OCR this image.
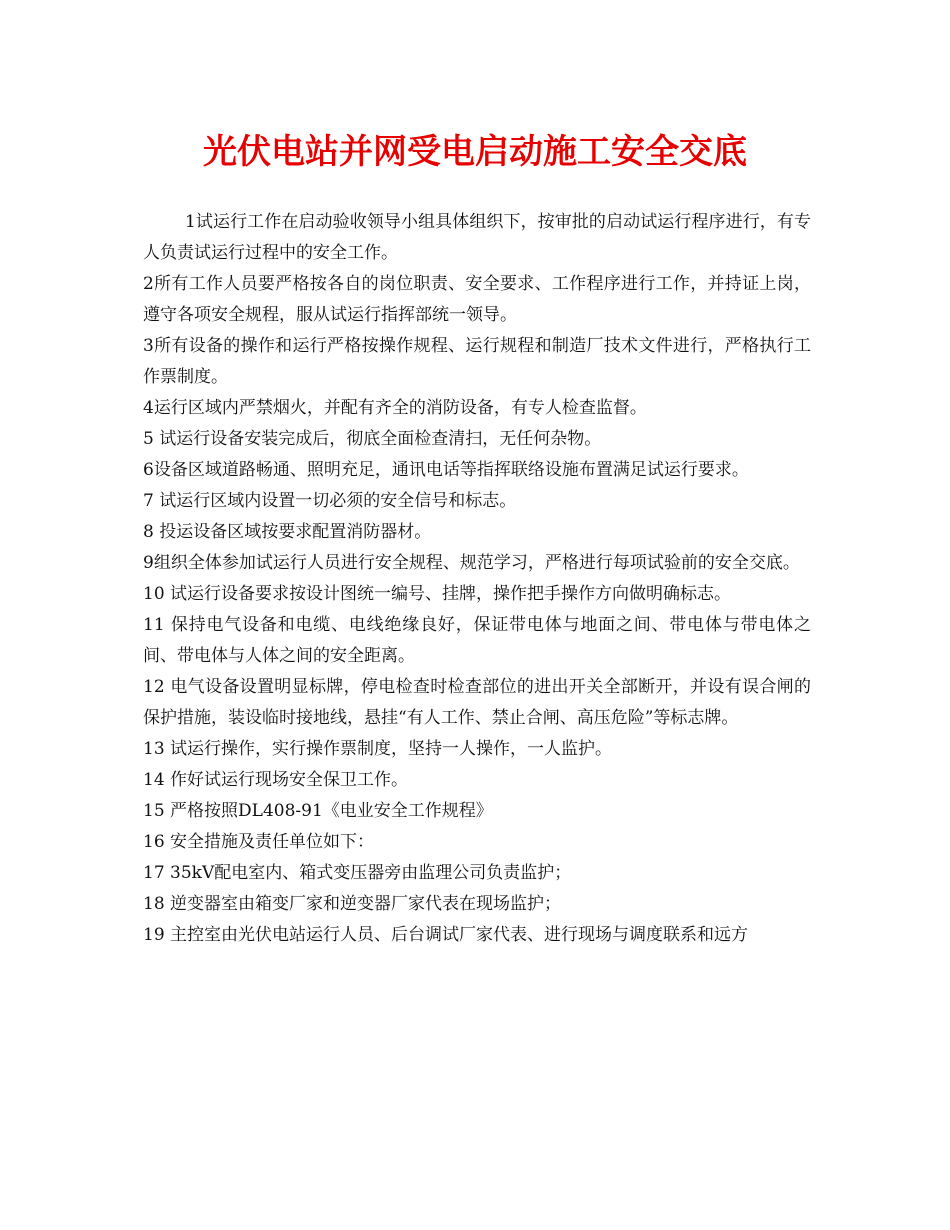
光伏电站并网受电启动施工安全交底

1试运行工作在启动验收领导小组具体组织下，按审批的启动试运行程序进行，有专人负责试运行过程中的安全工作。

2所有工作人员要严格按各自的岗位职责、安全要求、工作程序进行工作，并持证上岗，遵守各项安全规程，服从试运行指挥部统一领导。

3所有设备的操作和运行严格按操作规程、运行规程和制造厂技术文件进行，严格执行工作票制度。

4运行区域内严禁烟火，并配有齐全的消防设备，有专人检查监督。

5 试运行设备安装完成后，彻底全面检查清扫，无任何杂物。

6设备区域道路畅通、照明充足，通讯电话等指挥联络设施布置满足试运行要求。

7 试运行区域内设置一切必须的安全信号和标志。

8 投运设备区域按要求配置消防器材。

9组织全体参加试运行人员进行安全规程、规范学习，严格进行每项试验前的安全交底。

10 试运行设备要求按设计图统一编号、挂牌，操作把手操作方向做明确标志。

11 保持电气设备和电缆、电线绝缘良好，保证带电体与地面之间、带电体与带电体之间、带电体与人体之间的安全距离。

12 电气设备设置明显标牌，停电检查时检查部位的进出开关全部断开，并设有误合闸的保护措施，装设临时接地线，悬挂“有人工作、禁止合闸、高压危险”等标志牌。

13 试运行操作，实行操作票制度，坚持一人操作，一人监护。

14 作好试运行现场安全保卫工作。

15 严格按照DL408-91《电业安全工作规程》

16 安全措施及责任单位如下：

17 35kV配电室内、箱式变压器旁由监理公司负责监护；

18 逆变器室由箱变厂家和逆变器厂家代表在现场监护；

19 主控室由光伏电站运行人员、后台调试厂家代表、进行现场与调度联系和远方
